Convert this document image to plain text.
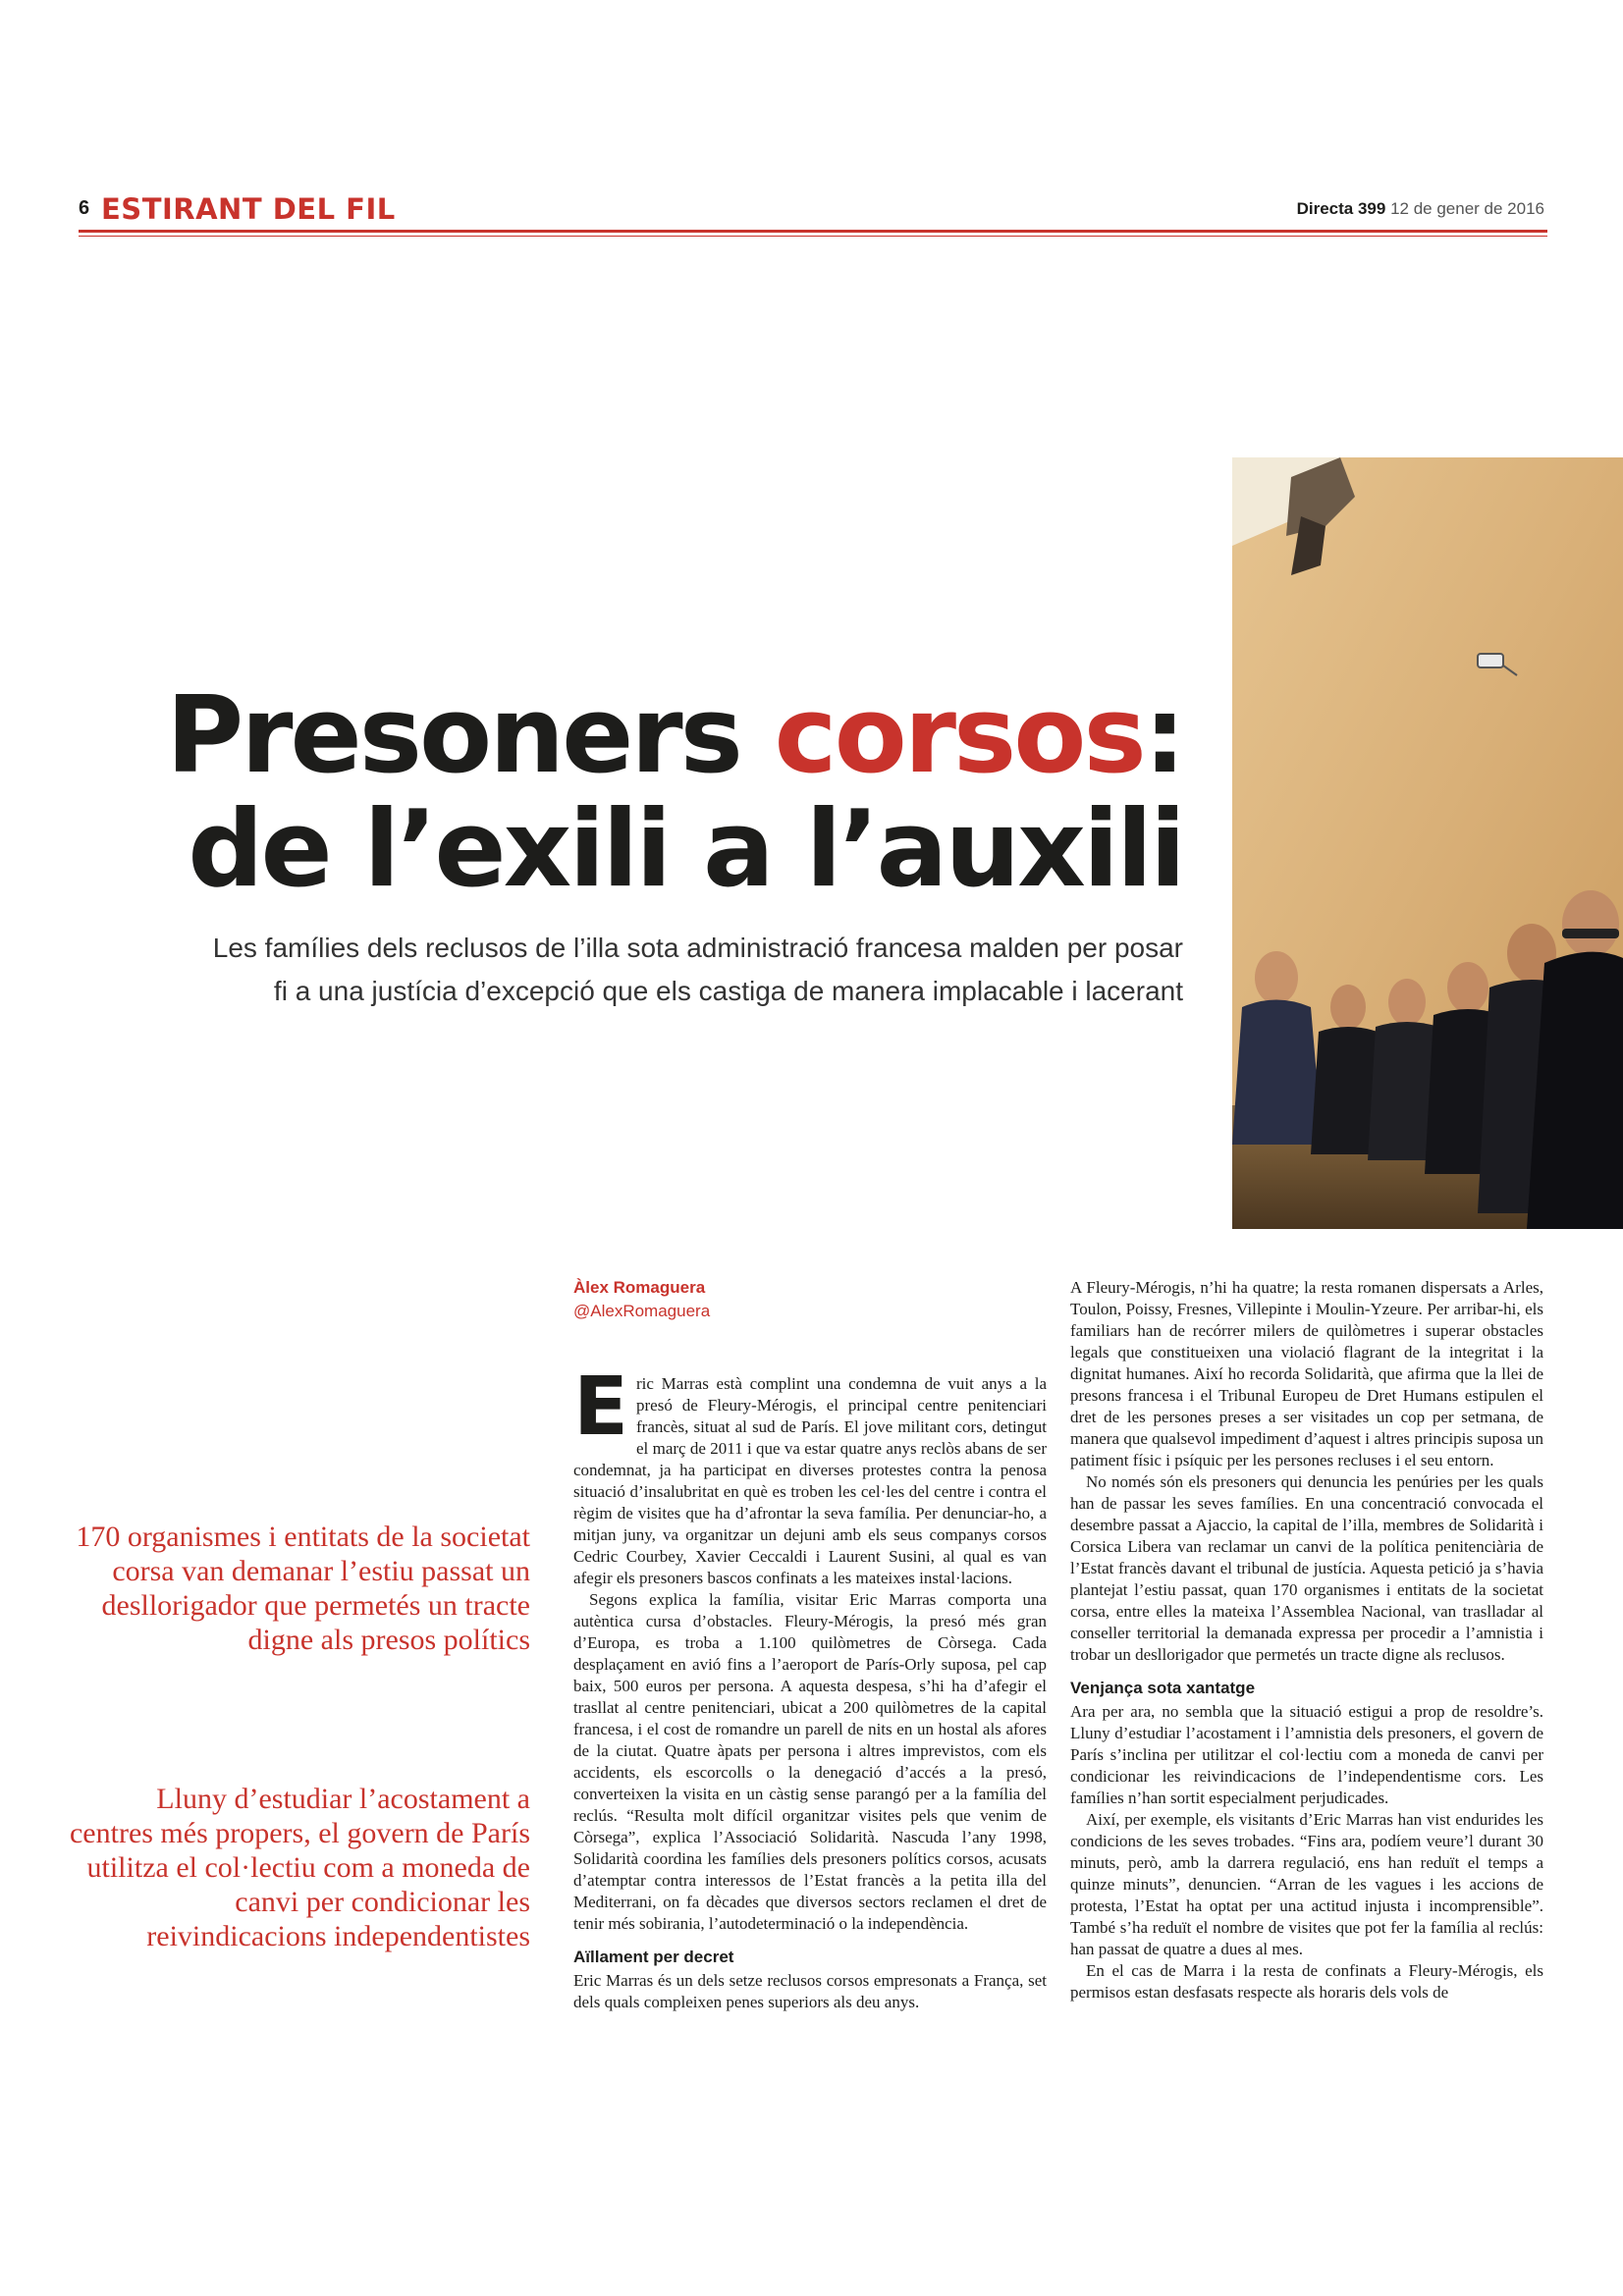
6 ESTIRANT DEL FIL	Directa 399 12 de gener de 2016
Presoners corsos:
de l’exili a l’auxili
Les famílies dels reclusos de l’illa sota administració francesa malden per posar fi a una justícia d’excepció que els castiga de manera implacable i lacerant
Àlex Romaguera
@AlexRomaguera
170 organismes i entitats de la societat corsa van demanar l’estiu passat un desllorigador que permetés un tracte digne als presos polítics
Lluny d’estudiar l’acostament a centres més propers, el govern de París utilitza el col·lectiu com a moneda de canvi per condicionar les reivindicacions independentistes

Eric Marras està complint una condemna de vuit anys a la presó de Fleury-Mérogis, el principal centre penitenciari francès, situat al sud de París. El jove militant cors, detingut el març de 2011 i que va estar quatre anys reclòs abans de ser condemnat, ja ha participat en diverses protestes contra la penosa situació d’insalubritat en què es troben les cel·les del centre i contra el règim de visites que ha d’afrontar la seva família. Per denunciar-ho, a mitjan juny, va organitzar un dejuni amb els seus companys corsos Cedric Courbey, Xavier Ceccaldi i Laurent Susini, al qual es van afegir els presoners bascos confinats a les mateixes instal·lacions.

Segons explica la família, visitar Eric Marras comporta una autèntica cursa d’obstacles. Fleury-Mérogis, la presó més gran d’Europa, es troba a 1.100 quilòmetres de Còrsega. Cada desplaçament en avió fins a l’aeroport de París-Orly suposa, pel cap baix, 500 euros per persona. A aquesta despesa, s’hi ha d’afegir el trasllat al centre penitenciari, ubicat a 200 quilòmetres de la capital francesa, i el cost de romandre un parell de nits en un hostal als afores de la ciutat. Quatre àpats per persona i altres imprevistos, com els accidents, els escorcolls o la denegació d’accés a la presó, converteixen la visita en un càstig sense parangó per a la família del reclús. “Resulta molt difícil organitzar visites pels que venim de Còrsega”, explica l’Associació Solidarità. Nascuda l’any 1998, Solidarità coordina les famílies dels presoners polítics corsos, acusats d’atemptar contra interessos de l’Estat francès a la petita illa del Mediterrani, on fa dècades que diversos sectors reclamen el dret de tenir més sobirania, l’autodeterminació o la independència.

Aïllament per decret

Eric Marras és un dels setze reclusos corsos empresonats a França, set dels quals compleixen penes superiors als deu anys.

A Fleury-Mérogis, n’hi ha quatre; la resta romanen dispersats a Arles, Toulon, Poissy, Fresnes, Villepinte i Moulin-Yzeure. Per arribar-hi, els familiars han de recórrer milers de quilòmetres i superar obstacles legals que constitueixen una violació flagrant de la integritat i la dignitat humanes. Així ho recorda Solidarità, que afirma que la llei de presons francesa i el Tribunal Europeu de Dret Humans estipulen el dret de les persones preses a ser visitades un cop per setmana, de manera que qualsevol impediment d’aquest i altres principis suposa un patiment físic i psíquic per les persones recluses i el seu entorn.

No només són els presoners qui denuncia les penúries per les quals han de passar les seves famílies. En una concentració convocada el desembre passat a Ajaccio, la capital de l’illa, membres de Solidarità i Corsica Libera van reclamar un canvi de la política penitenciària de l’Estat francès davant el tribunal de justícia. Aquesta petició ja s’havia plantejat l’estiu passat, quan 170 organismes i entitats de la societat corsa, entre elles la mateixa l’Assemblea Nacional, van traslladar al conseller territorial la demanada expressa per procedir a l’amnistia i trobar un desllorigador que permetés un tracte digne als reclusos.

Venjança sota xantatge

Ara per ara, no sembla que la situació estigui a prop de resoldre’s. Lluny d’estudiar l’acostament i l’amnistia dels presoners, el govern de París s’inclina per utilitzar el col·lectiu com a moneda de canvi per condicionar les reivindicacions de l’independentisme cors. Les famílies n’han sortit especialment perjudicades.

Així, per exemple, els visitants d’Eric Marras han vist endurides les condicions de les seves trobades. “Fins ara, podíem veure’l durant 30 minuts, però, amb la darrera regulació, ens han reduït el temps a quinze minuts”, denuncien. “Arran de les vagues i les accions de protesta, l’Estat ha optat per una actitud injusta i incomprensible”. També s’ha reduït el nombre de visites que pot fer la família al reclús: han passat de quatre a dues al mes.

En el cas de Marra i la resta de confinats a Fleury-Mérogis, els permisos estan desfasats respecte als horaris dels vols de
